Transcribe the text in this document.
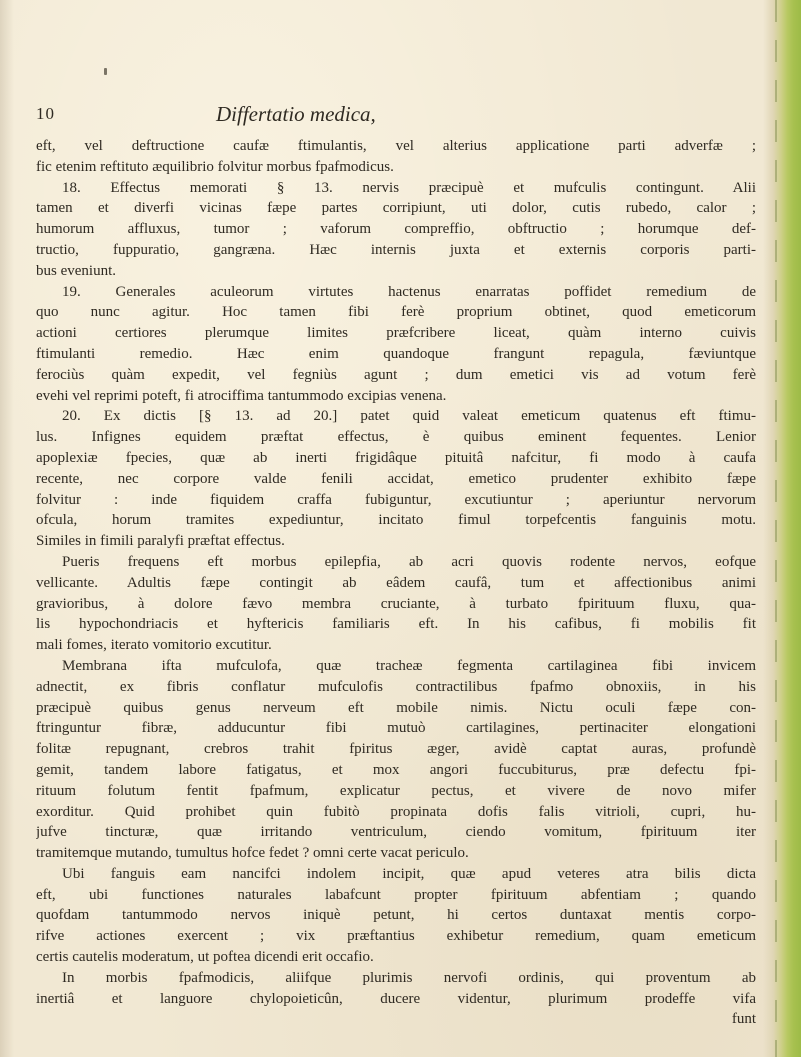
10	Differtatio medica,
eft, vel deftructione caufæ ftimulantis, vel alterius applicatione parti adverfæ ;
fic etenim reftituto æquilibrio folvitur morbus fpafmodicus.
18. Effectus memorati § 13. nervis præcipuè et mufculis contingunt. Alii
tamen et diverfi vicinas fæpe partes corripiunt, uti dolor, cutis rubedo, calor ;
humorum affluxus, tumor ; vaforum compreffio, obftructio ; horumque def-
tructio, fuppuratio, gangræna. Hæc internis juxta et externis corporis parti-
bus eveniunt.
19. Generales aculeorum virtutes hactenus enarratas poffidet remedium de
quo nunc agitur. Hoc tamen fibi ferè proprium obtinet, quod emeticorum
actioni certiores plerumque limites præfcribere liceat, quàm interno cuivis
ftimulanti remedio. Hæc enim quandoque frangunt repagula, fæviuntque
ferociùs quàm expedit, vel fegniùs agunt ; dum emetici vis ad votum ferè
evehi vel reprimi poteft, fi atrociffima tantummodo excipias venena.
20. Ex dictis [§ 13. ad 20.] patet quid valeat emeticum quatenus eft ftimu-
lus. Infignes equidem præftat effectus, è quibus eminent fequentes. Lenior
apoplexiæ fpecies, quæ ab inerti frigidâque pituitâ nafcitur, fi modo à caufa
recente, nec corpore valde fenili accidat, emetico prudenter exhibito fæpe
folvitur : inde fiquidem craffa fubiguntur, excutiuntur ; aperiuntur nervorum
ofcula, horum tramites expediuntur, incitato fimul torpefcentis fanguinis motu.
Similes in fimili paralyfi præftat effectus.
Pueris frequens eft morbus epilepfia, ab acri quovis rodente nervos, eofque
vellicante. Adultis fæpe contingit ab eâdem caufâ, tum et affectionibus animi
gravioribus, à dolore fævo membra cruciante, à turbato fpirituum fluxu, qua-
lis hypochondriacis et hyftericis familiaris eft. In his cafibus, fi mobilis fit
mali fomes, iterato vomitorio excutitur.
Membrana ifta mufculofa, quæ tracheæ fegmenta cartilaginea fibi invicem
adnectit, ex fibris conflatur mufculofis contractilibus fpafmo obnoxiis, in his
præcipuè quibus genus nerveum eft mobile nimis. Nictu oculi fæpe con-
ftringuntur fibræ, adducuntur fibi mutuò cartilagines, pertinaciter elongationi
folitæ repugnant, crebros trahit fpiritus æger, avidè captat auras, profundè
gemit, tandem labore fatigatus, et mox angori fuccubiturus, præ defectu fpi-
rituum folutum fentit fpafmum, explicatur pectus, et vivere de novo mifer
exorditur. Quid prohibet quin fubitò propinata dofis falis vitrioli, cupri, hu-
jufve tincturæ, quæ irritando ventriculum, ciendo vomitum, fpirituum iter
tramitemque mutando, tumultus hofce fedet ? omni certe vacat periculo.
Ubi fanguis eam nancifci indolem incipit, quæ apud veteres atra bilis dicta
eft, ubi functiones naturales labafcunt propter fpirituum abfentiam ; quando
quofdam tantummodo nervos iniquè petunt, hi certos duntaxat mentis corpo-
rifve actiones exercent ; vix præftantius exhibetur remedium, quam emeticum
certis cautelis moderatum, ut poftea dicendi erit occafio.
In morbis fpafmodicis, aliifque plurimis nervofi ordinis, qui proventum ab
inertiâ et languore chylopoieticûn, ducere videntur, plurimum prodeffe vifa
funt
